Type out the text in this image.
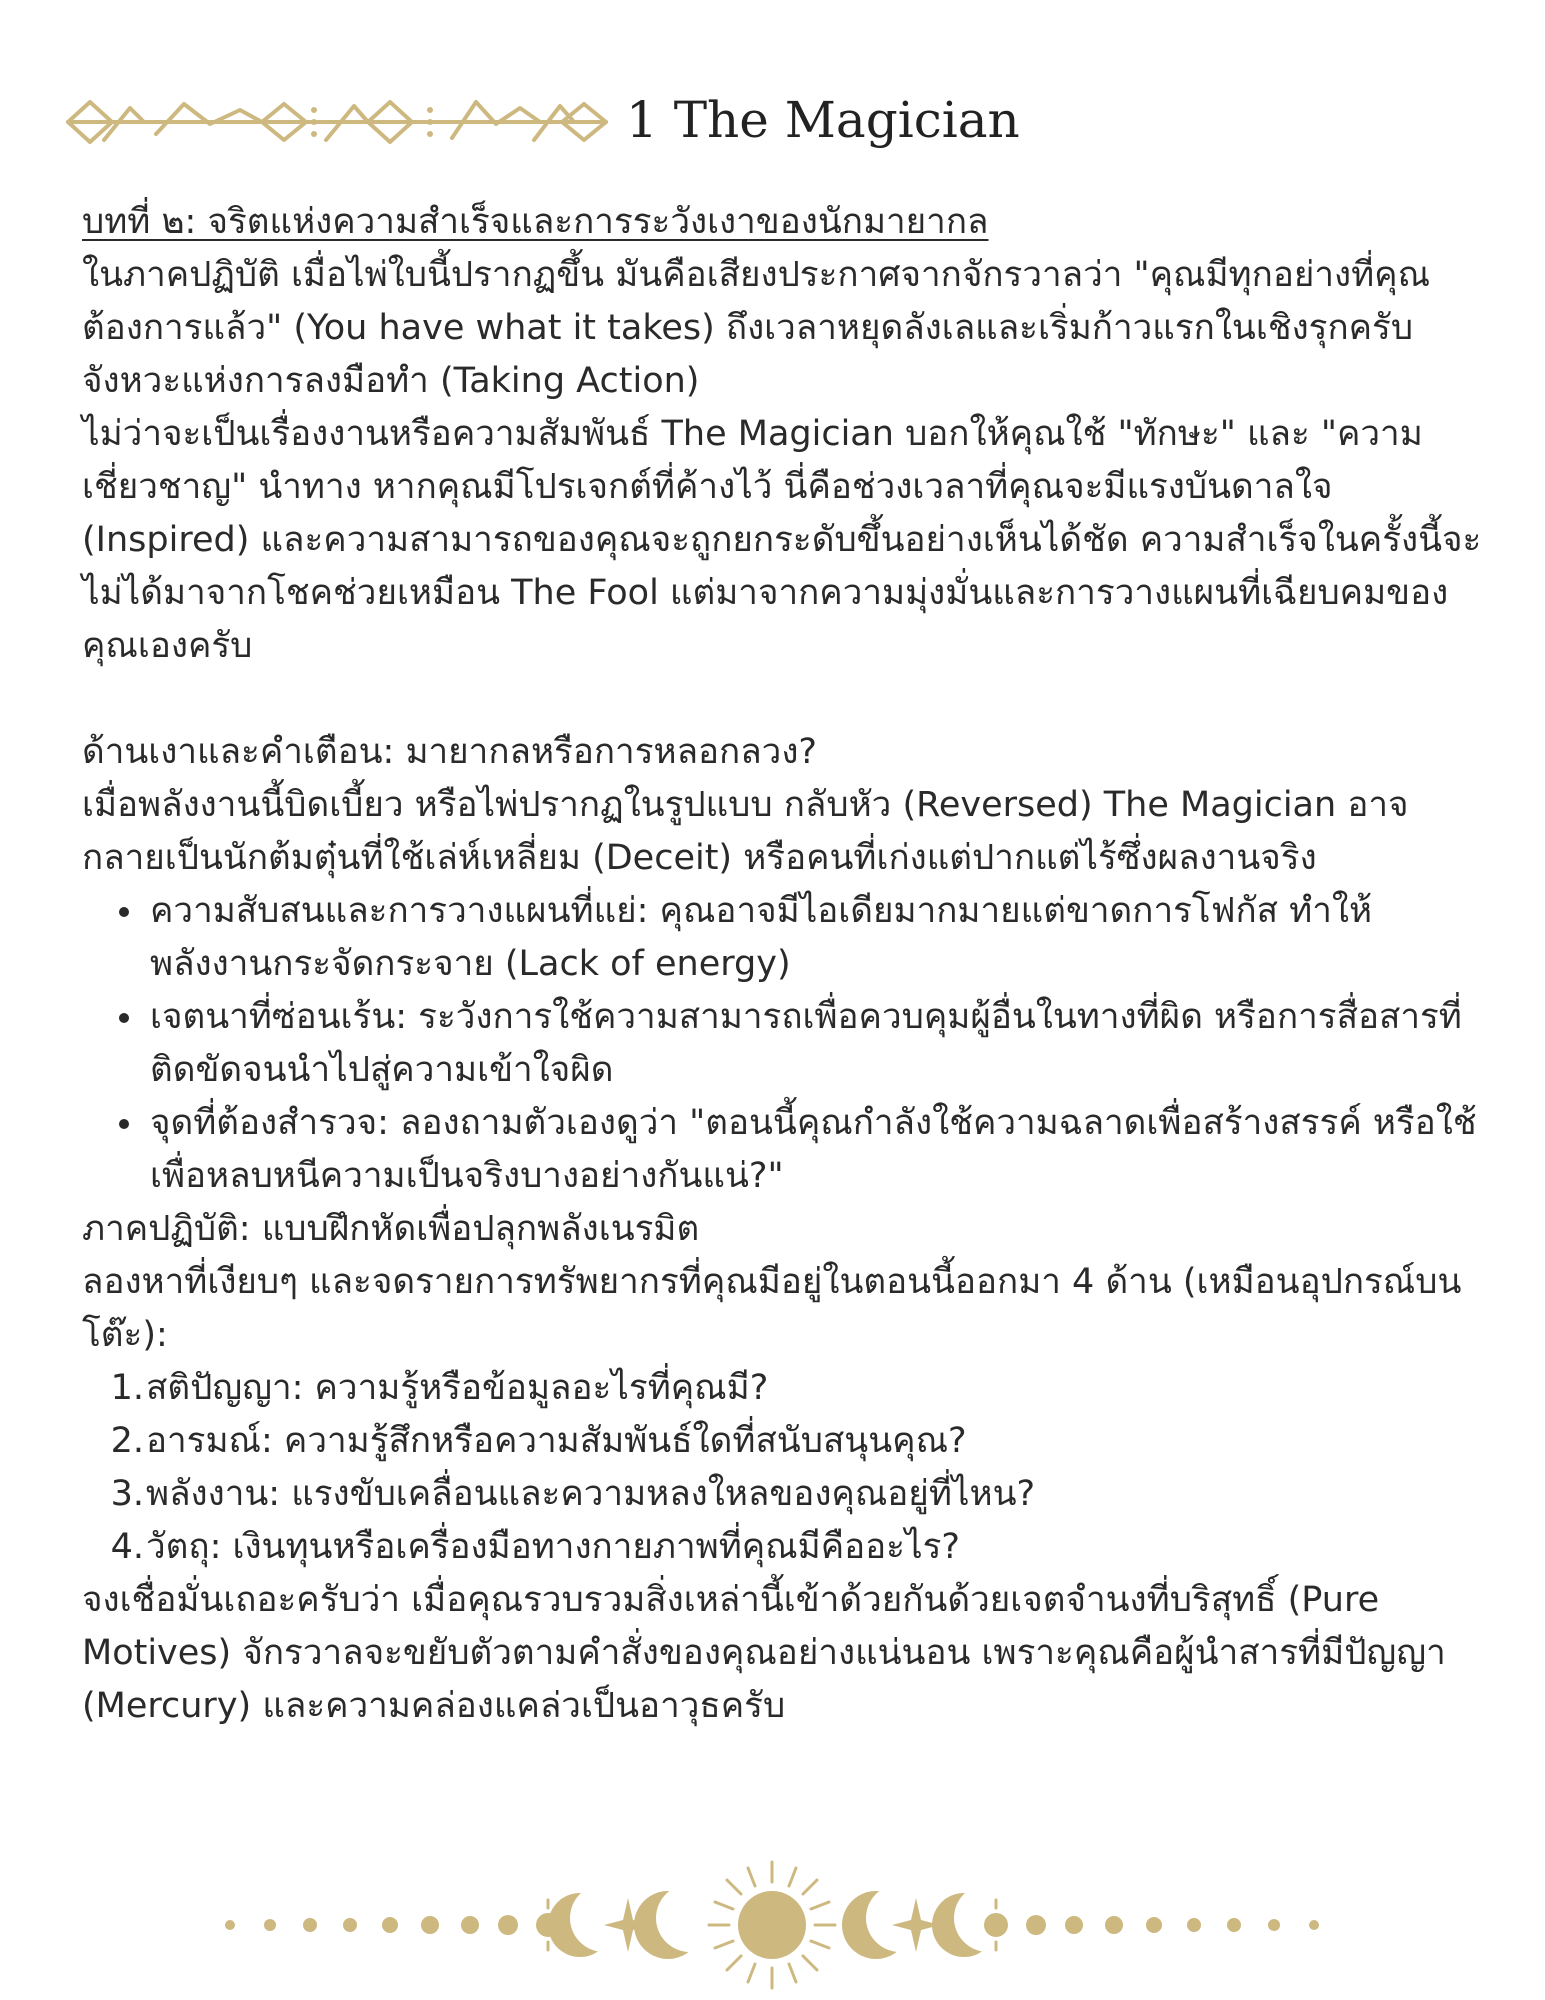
1 The Magician

บทที่ ๒: จริตแห่งความสำเร็จและการระวังเงาของนักมายากล

ในภาคปฏิบัติ เมื่อไพ่ใบนี้ปรากฏขึ้น มันคือเสียงประกาศจากจักรวาลว่า "คุณมีทุกอย่างที่คุณต้องการแล้ว" (You have what it takes) ถึงเวลาหยุดลังเลและเริ่มก้าวแรกในเชิงรุกครับ

จังหวะแห่งการลงมือทำ (Taking Action)

ไม่ว่าจะเป็นเรื่องงานหรือความสัมพันธ์ The Magician บอกให้คุณใช้ "ทักษะ" และ "ความเชี่ยวชาญ" นำทาง หากคุณมีโปรเจกต์ที่ค้างไว้ นี่คือช่วงเวลาที่คุณจะมีแรงบันดาลใจ (Inspired) และความสามารถของคุณจะถูกยกระดับขึ้นอย่างเห็นได้ชัด ความสำเร็จในครั้งนี้จะไม่ได้มาจากโชคช่วยเหมือน The Fool แต่มาจากความมุ่งมั่นและการวางแผนที่เฉียบคมของคุณเองครับ

ด้านเงาและคำเตือน: มายากลหรือการหลอกลวง?

เมื่อพลังงานนี้บิดเบี้ยว หรือไพ่ปรากฏในรูปแบบ กลับหัว (Reversed) The Magician อาจกลายเป็นนักต้มตุ๋นที่ใช้เล่ห์เหลี่ยม (Deceit) หรือคนที่เก่งแต่ปากแต่ไร้ซึ่งผลงานจริง

• ความสับสนและการวางแผนที่แย่: คุณอาจมีไอเดียมากมายแต่ขาดการโฟกัส ทำให้พลังงานกระจัดกระจาย (Lack of energy)
• เจตนาที่ซ่อนเร้น: ระวังการใช้ความสามารถเพื่อควบคุมผู้อื่นในทางที่ผิด หรือการสื่อสารที่ติดขัดจนนำไปสู่ความเข้าใจผิด
• จุดที่ต้องสำรวจ: ลองถามตัวเองดูว่า "ตอนนี้คุณกำลังใช้ความฉลาดเพื่อสร้างสรรค์ หรือใช้เพื่อหลบหนีความเป็นจริงบางอย่างกันแน่?"

ภาคปฏิบัติ: แบบฝึกหัดเพื่อปลุกพลังเนรมิต

ลองหาที่เงียบๆ และจดรายการทรัพยากรที่คุณมีอยู่ในตอนนี้ออกมา 4 ด้าน (เหมือนอุปกรณ์บนโต๊ะ):

1. สติปัญญา: ความรู้หรือข้อมูลอะไรที่คุณมี?
2. อารมณ์: ความรู้สึกหรือความสัมพันธ์ใดที่สนับสนุนคุณ?
3. พลังงาน: แรงขับเคลื่อนและความหลงใหลของคุณอยู่ที่ไหน?
4. วัตถุ: เงินทุนหรือเครื่องมือทางกายภาพที่คุณมีคืออะไร?

จงเชื่อมั่นเถอะครับว่า เมื่อคุณรวบรวมสิ่งเหล่านี้เข้าด้วยกันด้วยเจตจำนงที่บริสุทธิ์ (Pure Motives) จักรวาลจะขยับตัวตามคำสั่งของคุณอย่างแน่นอน เพราะคุณคือผู้นำสารที่มีปัญญา (Mercury) และความคล่องแคล่วเป็นอาวุธครับ
